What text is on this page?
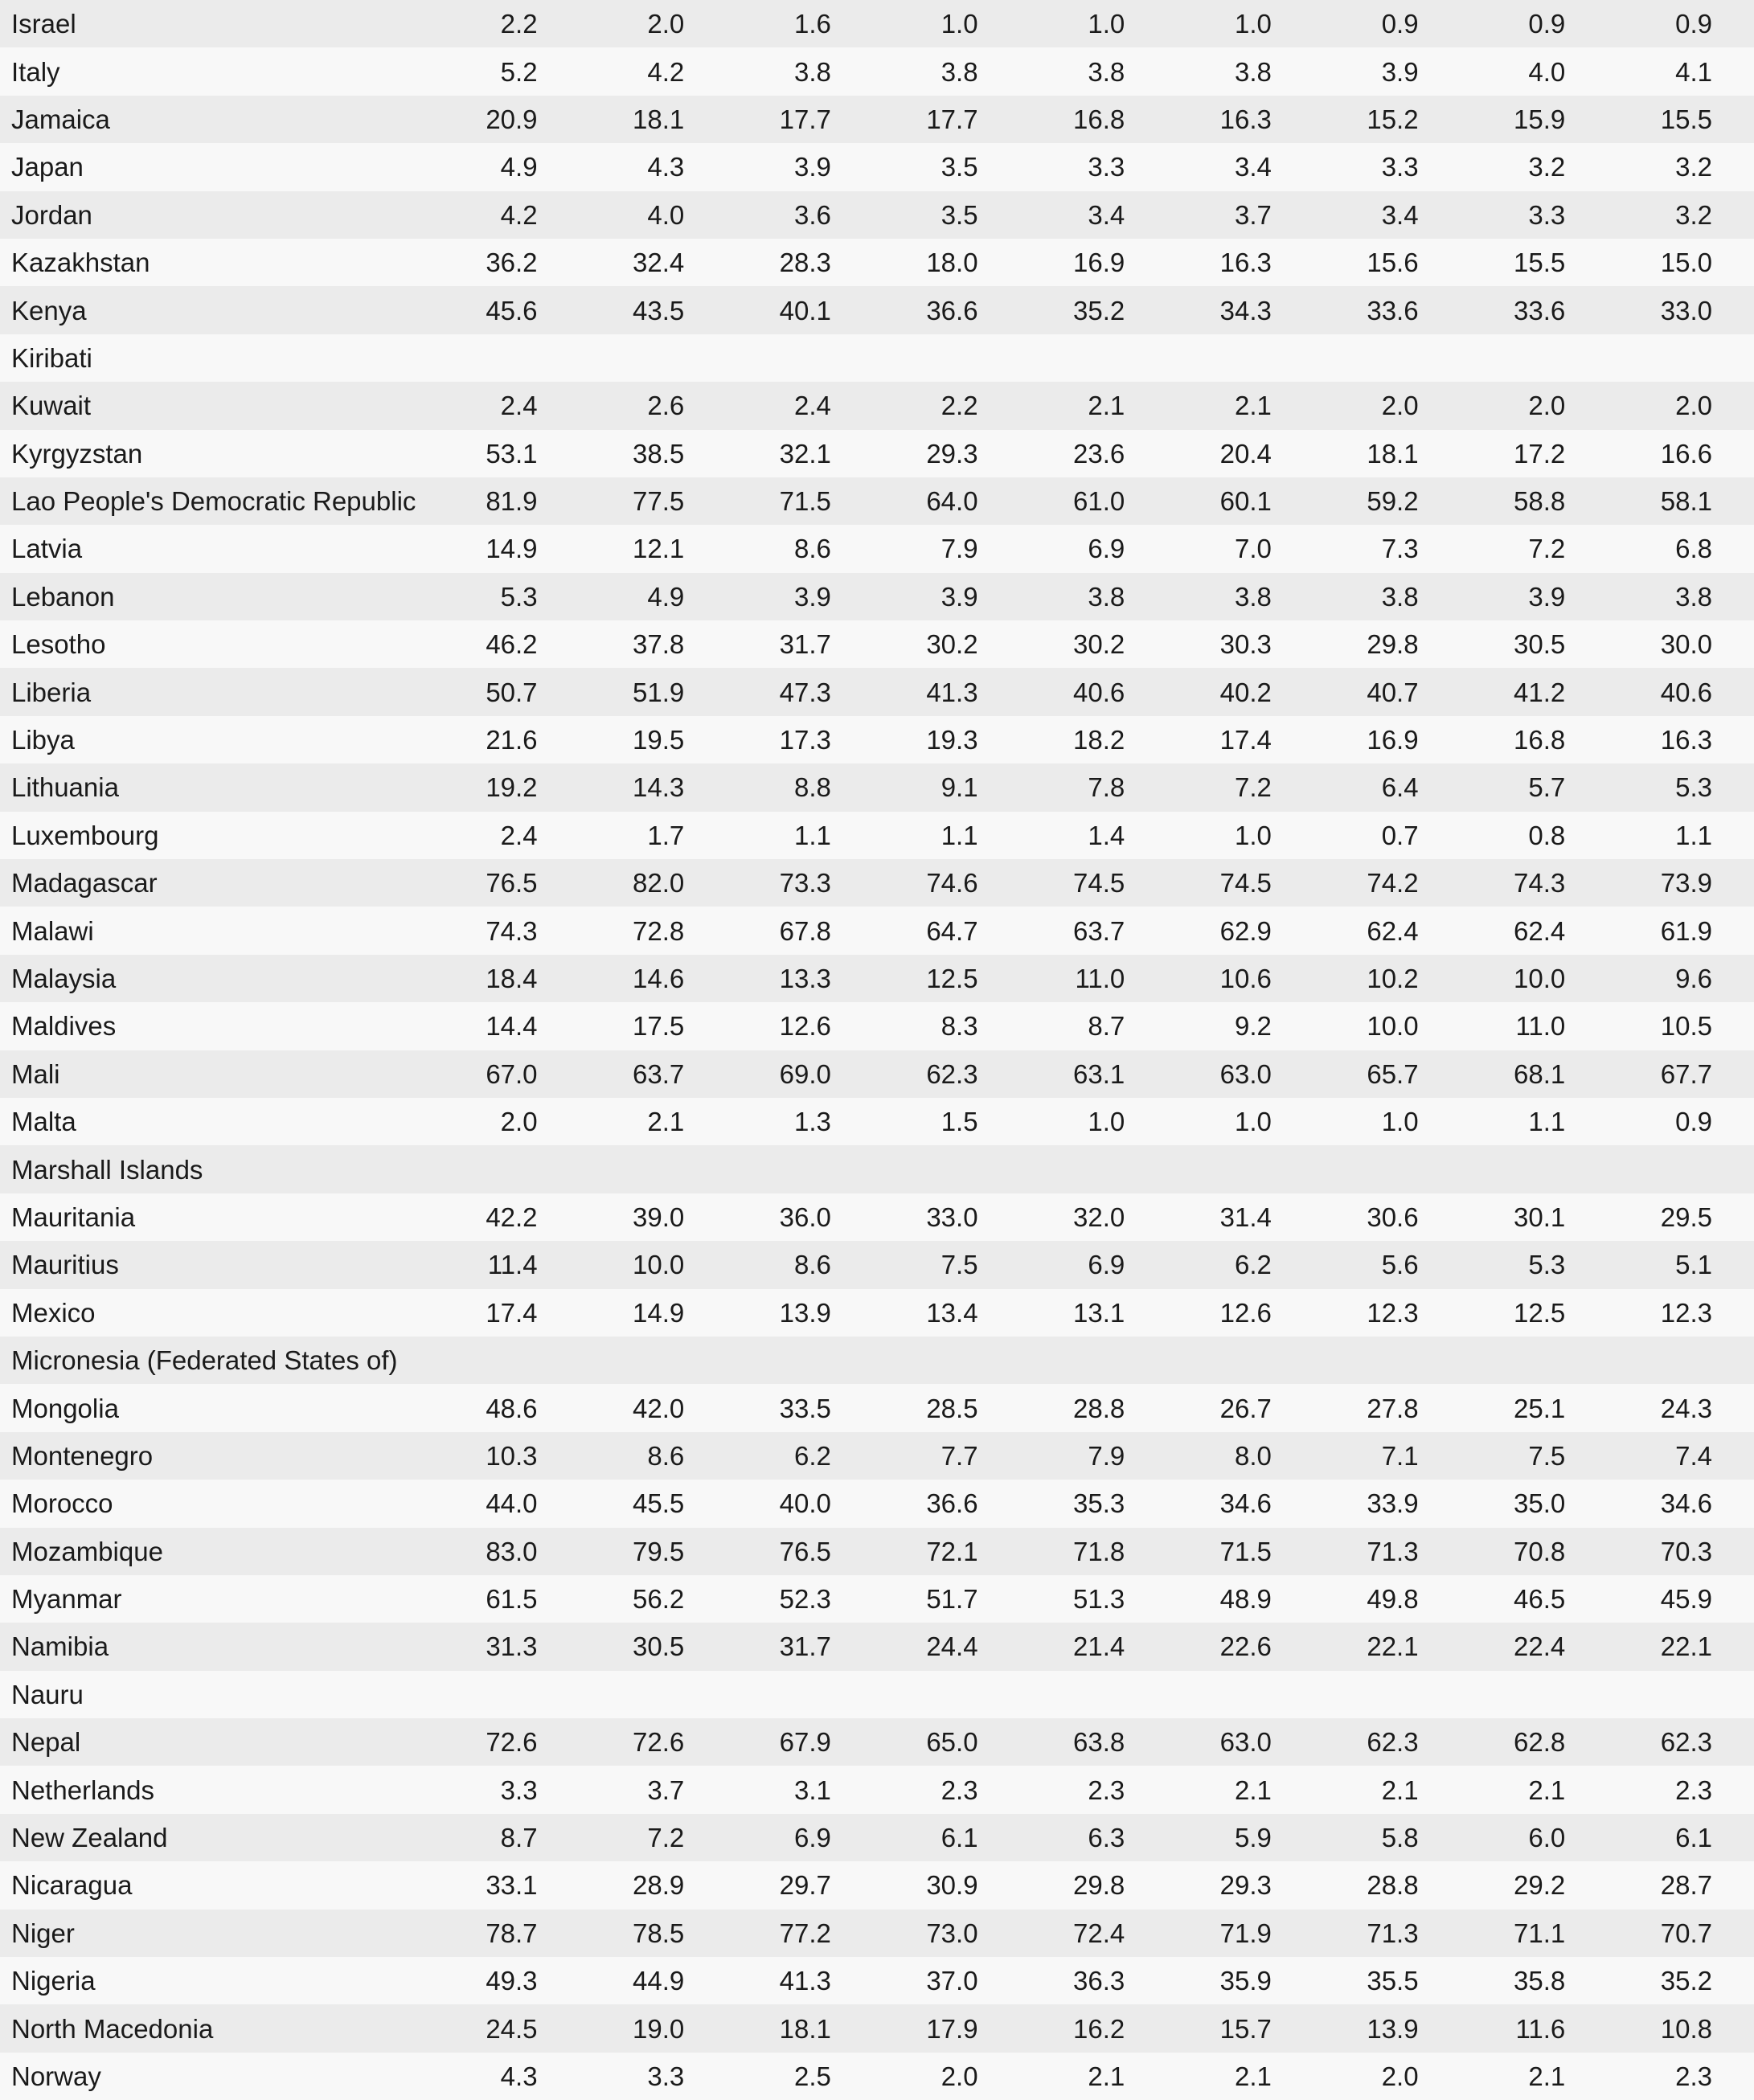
Israel	2.2	2.0	1.6	1.0	1.0	1.0	0.9	0.9	0.9
Italy	5.2	4.2	3.8	3.8	3.8	3.8	3.9	4.0	4.1
Jamaica	20.9	18.1	17.7	17.7	16.8	16.3	15.2	15.9	15.5
Japan	4.9	4.3	3.9	3.5	3.3	3.4	3.3	3.2	3.2
Jordan	4.2	4.0	3.6	3.5	3.4	3.7	3.4	3.3	3.2
Kazakhstan	36.2	32.4	28.3	18.0	16.9	16.3	15.6	15.5	15.0
Kenya	45.6	43.5	40.1	36.6	35.2	34.3	33.6	33.6	33.0
Kiribati									
Kuwait	2.4	2.6	2.4	2.2	2.1	2.1	2.0	2.0	2.0
Kyrgyzstan	53.1	38.5	32.1	29.3	23.6	20.4	18.1	17.2	16.6
Lao People's Democratic Republic	81.9	77.5	71.5	64.0	61.0	60.1	59.2	58.8	58.1
Latvia	14.9	12.1	8.6	7.9	6.9	7.0	7.3	7.2	6.8
Lebanon	5.3	4.9	3.9	3.9	3.8	3.8	3.8	3.9	3.8
Lesotho	46.2	37.8	31.7	30.2	30.2	30.3	29.8	30.5	30.0
Liberia	50.7	51.9	47.3	41.3	40.6	40.2	40.7	41.2	40.6
Libya	21.6	19.5	17.3	19.3	18.2	17.4	16.9	16.8	16.3
Lithuania	19.2	14.3	8.8	9.1	7.8	7.2	6.4	5.7	5.3
Luxembourg	2.4	1.7	1.1	1.1	1.4	1.0	0.7	0.8	1.1
Madagascar	76.5	82.0	73.3	74.6	74.5	74.5	74.2	74.3	73.9
Malawi	74.3	72.8	67.8	64.7	63.7	62.9	62.4	62.4	61.9
Malaysia	18.4	14.6	13.3	12.5	11.0	10.6	10.2	10.0	9.6
Maldives	14.4	17.5	12.6	8.3	8.7	9.2	10.0	11.0	10.5
Mali	67.0	63.7	69.0	62.3	63.1	63.0	65.7	68.1	67.7
Malta	2.0	2.1	1.3	1.5	1.0	1.0	1.0	1.1	0.9
Marshall Islands									
Mauritania	42.2	39.0	36.0	33.0	32.0	31.4	30.6	30.1	29.5
Mauritius	11.4	10.0	8.6	7.5	6.9	6.2	5.6	5.3	5.1
Mexico	17.4	14.9	13.9	13.4	13.1	12.6	12.3	12.5	12.3
Micronesia (Federated States of)									
Mongolia	48.6	42.0	33.5	28.5	28.8	26.7	27.8	25.1	24.3
Montenegro	10.3	8.6	6.2	7.7	7.9	8.0	7.1	7.5	7.4
Morocco	44.0	45.5	40.0	36.6	35.3	34.6	33.9	35.0	34.6
Mozambique	83.0	79.5	76.5	72.1	71.8	71.5	71.3	70.8	70.3
Myanmar	61.5	56.2	52.3	51.7	51.3	48.9	49.8	46.5	45.9
Namibia	31.3	30.5	31.7	24.4	21.4	22.6	22.1	22.4	22.1
Nauru									
Nepal	72.6	72.6	67.9	65.0	63.8	63.0	62.3	62.8	62.3
Netherlands	3.3	3.7	3.1	2.3	2.3	2.1	2.1	2.1	2.3
New Zealand	8.7	7.2	6.9	6.1	6.3	5.9	5.8	6.0	6.1
Nicaragua	33.1	28.9	29.7	30.9	29.8	29.3	28.8	29.2	28.7
Niger	78.7	78.5	77.2	73.0	72.4	71.9	71.3	71.1	70.7
Nigeria	49.3	44.9	41.3	37.0	36.3	35.9	35.5	35.8	35.2
North Macedonia	24.5	19.0	18.1	17.9	16.2	15.7	13.9	11.6	10.8
Norway	4.3	3.3	2.5	2.0	2.1	2.1	2.0	2.1	2.3
